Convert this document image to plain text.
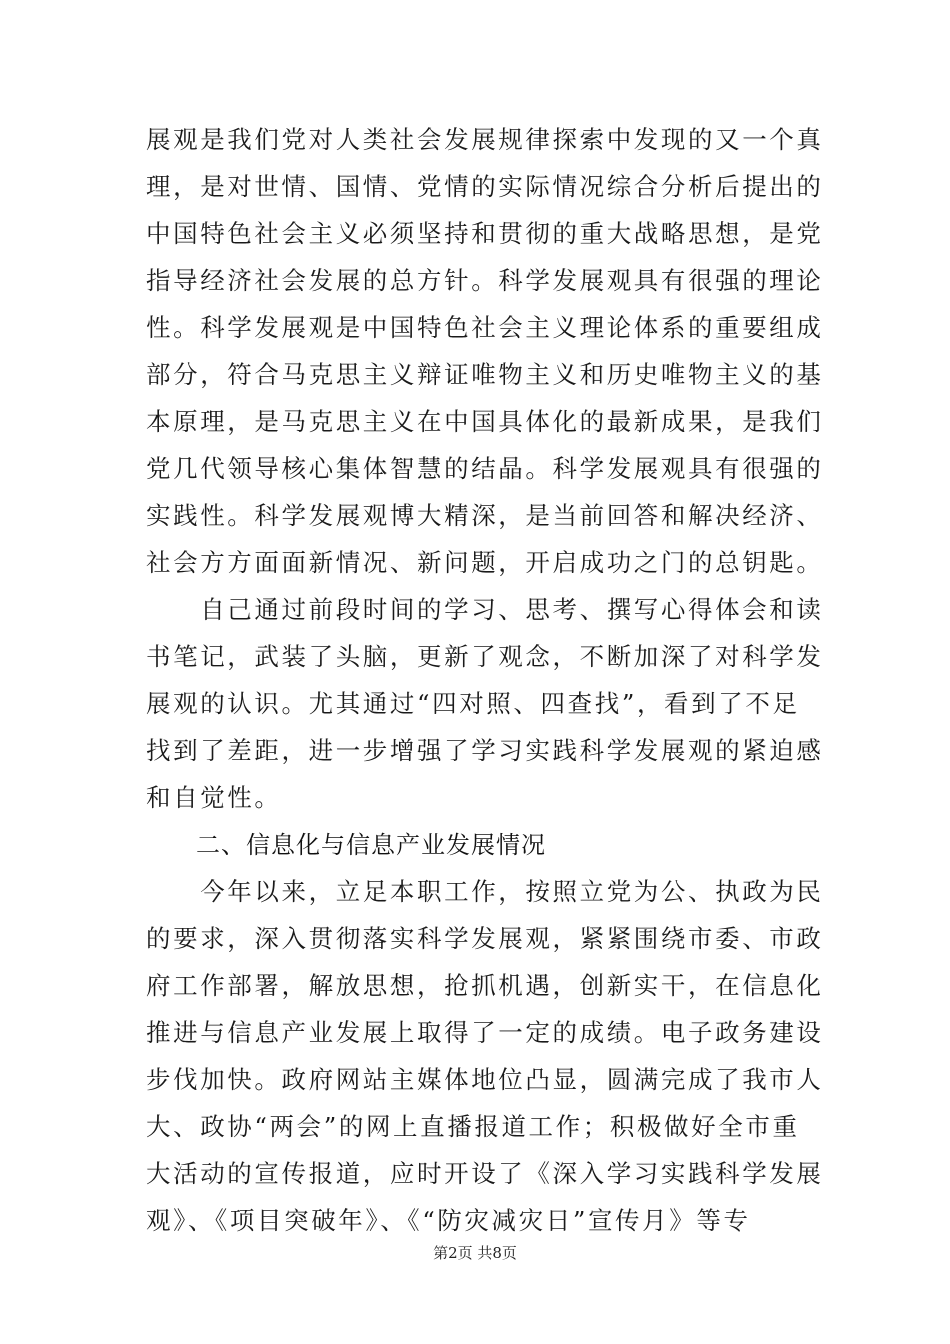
展观是我们党对人类社会发展规律探索中发现的又一个真
理，是对世情、国情、党情的实际情况综合分析后提出的
中国特色社会主义必须坚持和贯彻的重大战略思想，是党
指导经济社会发展的总方针。科学发展观具有很强的理论
性。科学发展观是中国特色社会主义理论体系的重要组成
部分，符合马克思主义辩证唯物主义和历史唯物主义的基
本原理，是马克思主义在中国具体化的最新成果，是我们
党几代领导核心集体智慧的结晶。科学发展观具有很强的
实践性。科学发展观博大精深，是当前回答和解决经济、
社会方方面面新情况、新问题，开启成功之门的总钥匙。
　　自己通过前段时间的学习、思考、撰写心得体会和读
书笔记，武装了头脑，更新了观念，不断加深了对科学发
展观的认识。尤其通过“四对照、四查找”，看到了不足
找到了差距，进一步增强了学习实践科学发展观的紧迫感
和自觉性。
二、信息化与信息产业发展情况
　　今年以来，立足本职工作，按照立党为公、执政为民
的要求，深入贯彻落实科学发展观，紧紧围绕市委、市政
府工作部署，解放思想，抢抓机遇，创新实干，在信息化
推进与信息产业发展上取得了一定的成绩。电子政务建设
步伐加快。政府网站主媒体地位凸显，圆满完成了我市人
大、政协“两会”的网上直播报道工作；积极做好全市重
大活动的宣传报道，应时开设了《深入学习实践科学发展
观》、《项目突破年》、《“防灾减灾日”宣传月》等专
第2页 共8页
